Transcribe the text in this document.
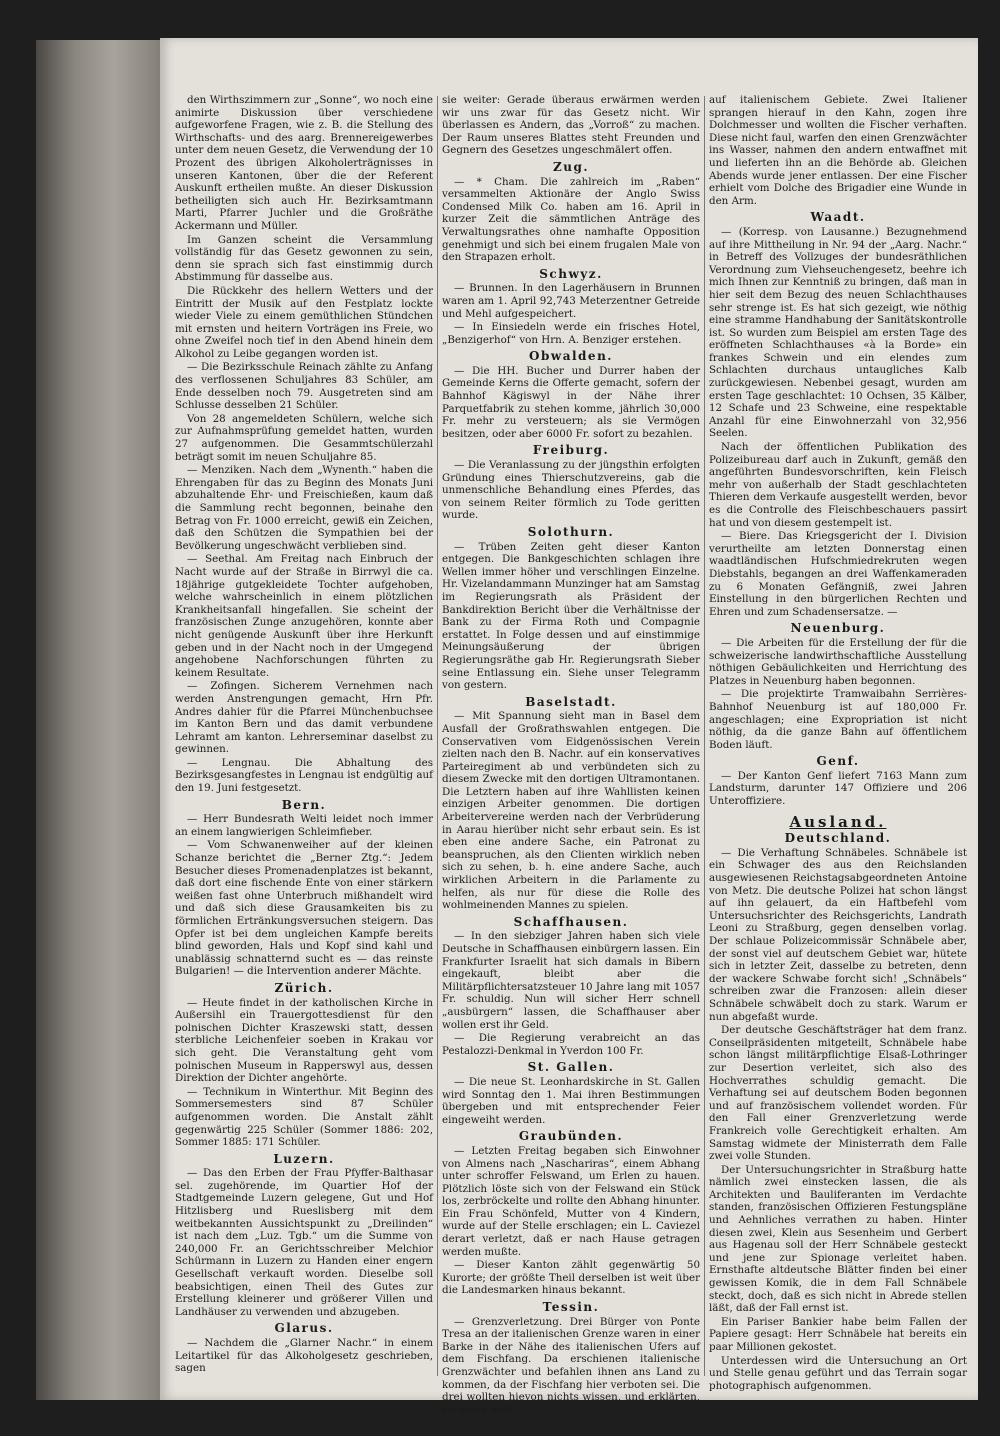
den Wirthszimmern zur „Sonne“, wo noch eine animirte Diskussion über verschiedene aufgeworfene Fragen, wie z. B. die Stellung des Wirthschafts- und des aarg. Brennereigewerbes unter dem neuen Gesetz, die Verwendung der 10 Prozent des übrigen Alkoholerträgnisses in unseren Kantonen, über die der Referent Auskunft ertheilen mußte. An dieser Diskussion betheiligten sich auch Hr. Bezirksamtmann Marti, Pfarrer Juchler und die Großräthe Ackermann und Müller.

Im Ganzen scheint die Versammlung vollständig für das Gesetz gewonnen zu sein, denn sie sprach sich fast einstimmig durch Abstimmung für dasselbe aus.

Die Rückkehr des hellern Wetters und der Eintritt der Musik auf den Festplatz lockte wieder Viele zu einem gemüthlichen Stündchen mit ernsten und heitern Vorträgen ins Freie, wo ohne Zweifel noch tief in den Abend hinein dem Alkohol zu Leibe gegangen worden ist.

— Die Bezirksschule Reinach zählte zu Anfang des verflossenen Schuljahres 83 Schüler, am Ende desselben noch 79. Ausgetreten sind am Schlusse desselben 21 Schüler.

Von 28 angemeldeten Schülern, welche sich zur Aufnahmsprüfung gemeldet hatten, wurden 27 aufgenommen. Die Gesammtschülerzahl beträgt somit im neuen Schuljahre 85.

— Menziken. Nach dem „Wynenth.“ haben die Ehrengaben für das zu Beginn des Monats Juni abzuhaltende Ehr- und Freischießen, kaum daß die Sammlung recht begonnen, beinahe den Betrag von Fr. 1000 erreicht, gewiß ein Zeichen, daß den Schützen die Sympathien bei der Bevölkerung ungeschwächt verblieben sind.

— Seethal. Am Freitag nach Einbruch der Nacht wurde auf der Straße in Birrwyl die ca. 18jährige gutgekleidete Tochter aufgehoben, welche wahrscheinlich in einem plötzlichen Krankheitsanfall hingefallen. Sie scheint der französischen Zunge anzugehören, konnte aber nicht genügende Auskunft über ihre Herkunft geben und in der Nacht noch in der Umgegend angehobene Nachforschungen führten zu keinem Resultate.

— Zofingen. Sicherem Vernehmen nach werden Anstrengungen gemacht, Hrn Pfr. Andres dahier für die Pfarrei Münchenbuchsee im Kanton Bern und das damit verbundene Lehramt am kanton. Lehrerseminar daselbst zu gewinnen.

— Lengnau. Die Abhaltung des Bezirksgesangfestes in Lengnau ist endgültig auf den 19. Juni festgesetzt.

Bern.

— Herr Bundesrath Welti leidet noch immer an einem langwierigen Schleimfieber.

— Vom Schwanenweiher auf der kleinen Schanze berichtet die „Berner Ztg.“: Jedem Besucher dieses Promenadenplatzes ist bekannt, daß dort eine fischende Ente von einer stärkern weißen fast ohne Unterbruch mißhandelt wird und daß sich diese Grausamkeiten bis zu förmlichen Ertränkungsversuchen steigern. Das Opfer ist bei dem ungleichen Kampfe bereits blind geworden, Hals und Kopf sind kahl und unablässig schnatternd sucht es — das reinste Bulgarien! — die Intervention anderer Mächte.

Zürich.

— Heute findet in der katholischen Kirche in Außersihl ein Trauergottesdienst für den polnischen Dichter Kraszewski statt, dessen sterbliche Leichenfeier soeben in Krakau vor sich geht. Die Veranstaltung geht vom polnischen Museum in Rapperswyl aus, dessen Direktion der Dichter angehörte.

— Technikum in Winterthur. Mit Beginn des Sommersemesters sind 87 Schüler aufgenommen worden. Die Anstalt zählt gegenwärtig 225 Schüler (Sommer 1886: 202, Sommer 1885: 171 Schüler.

Luzern.

— Das den Erben der Frau Pfyffer-Balthasar sel. zugehörende, im Quartier Hof der Stadtgemeinde Luzern gelegene, Gut und Hof Hitzlisberg und Rueslisberg mit dem weitbekannten Aussichtspunkt zu „Dreilinden“ ist nach dem „Luz. Tgb.“ um die Summe von 240,000 Fr. an Gerichtsschreiber Melchior Schürmann in Luzern zu Handen einer engern Gesellschaft verkauft worden. Dieselbe soll beabsichtigen, einen Theil des Gutes zur Erstellung kleinerer und größerer Villen und Landhäuser zu verwenden und abzugeben.

Glarus.

— Nachdem die „Glarner Nachr.“ in einem Leitartikel für das Alkoholgesetz geschrieben, sagen

sie weiter: Gerade überaus erwärmen werden wir uns zwar für das Gesetz nicht. Wir überlassen es Andern, das „Vorroß“ zu machen. Der Raum unseres Blattes steht Freunden und Gegnern des Gesetzes ungeschmälert offen.

Zug.

— * Cham. Die zahlreich im „Raben“ versammelten Aktionäre der Anglo Swiss Condensed Milk Co. haben am 16. April in kurzer Zeit die sämmtlichen Anträge des Verwaltungsrathes ohne namhafte Opposition genehmigt und sich bei einem frugalen Male von den Strapazen erholt.

Schwyz.

— Brunnen. In den Lagerhäusern in Brunnen waren am 1. April 92,743 Meterzentner Getreide und Mehl aufgespeichert.

— In Einsiedeln werde ein frisches Hotel, „Benzigerhof“ von Hrn. A. Benziger erstehen.

Obwalden.

— Die HH. Bucher und Durrer haben der Gemeinde Kerns die Offerte gemacht, sofern der Bahnhof Kägiswyl in der Nähe ihrer Parquetfabrik zu stehen komme, jährlich 30,000 Fr. mehr zu versteuern; als sie Vermögen besitzen, oder aber 6000 Fr. sofort zu bezahlen.

Freiburg.

— Die Veranlassung zu der jüngsthin erfolgten Gründung eines Thierschutzvereins, gab die unmenschliche Behandlung eines Pferdes, das von seinem Reiter förmlich zu Tode geritten wurde.

Solothurn.

— Trüben Zeiten geht dieser Kanton entgegen. Die Bankgeschichten schlagen ihre Wellen immer höher und verschlingen Einzelne. Hr. Vizelandammann Munzinger hat am Samstag im Regierungsrath als Präsident der Bankdirektion Bericht über die Verhältnisse der Bank zu der Firma Roth und Compagnie erstattet. In Folge dessen und auf einstimmige Meinungsäußerung der übrigen Regierungsräthe gab Hr. Regierungsrath Sieber seine Entlassung ein. Siehe unser Telegramm von gestern.

Baselstadt.

— Mit Spannung sieht man in Basel dem Ausfall der Großrathswahlen entgegen. Die Conservativen vom Eidgenössischen Verein zielten nach den B. Nachr. auf ein konservatives Parteiregiment ab und verbündeten sich zu diesem Zwecke mit den dortigen Ultramontanen. Die Letztern haben auf ihre Wahllisten keinen einzigen Arbeiter genommen. Die dortigen Arbeitervereine werden nach der Verbrüderung in Aarau hierüber nicht sehr erbaut sein. Es ist eben eine andere Sache, ein Patronat zu beanspruchen, als den Clienten wirklich neben sich zu sehen, b. h. eine andere Sache, auch wirklichen Arbeitern in die Parlamente zu helfen, als nur für diese die Rolle des wohlmeinenden Mannes zu spielen.

Schaffhausen.

— In den siebziger Jahren haben sich viele Deutsche in Schaffhausen einbürgern lassen. Ein Frankfurter Israelit hat sich damals in Bibern eingekauft, bleibt aber die Militärpflichtersatzsteuer 10 Jahre lang mit 1057 Fr. schuldig. Nun will sicher Herr schnell „ausbürgern“ lassen, die Schaffhauser aber wollen erst ihr Geld.

— Die Regierung verabreicht an das Pestalozzi-Denkmal in Yverdon 100 Fr.

St. Gallen.

— Die neue St. Leonhardskirche in St. Gallen wird Sonntag den 1. Mai ihren Bestimmungen übergeben und mit entsprechender Feier eingeweiht werden.

Graubünden.

— Letzten Freitag begaben sich Einwohner von Almens nach „Naschariras“, einem Abhang unter schroffer Felswand, um Erlen zu hauen. Plötzlich löste sich von der Felswand ein Stück los, zerbröckelte und rollte den Abhang hinunter. Ein Frau Schönfeld, Mutter von 4 Kindern, wurde auf der Stelle erschlagen; ein L. Caviezel derart verletzt, daß er nach Hause getragen werden mußte.

— Dieser Kanton zählt gegenwärtig 50 Kurorte; der größte Theil derselben ist weit über die Landesmarken hinaus bekannt.

Tessin.

— Grenzverletzung. Drei Bürger von Ponte Tresa an der italienischen Grenze waren in einer Barke in der Nähe des italienischen Ufers auf dem Fischfang. Da erschienen italienische Grenzwächter und befahlen ihnen ans Land zu kommen, da der Fischfang hier verboten sei. Die drei wollten hievon nichts wissen, und erklärten, sie seien nicht

auf italienischem Gebiete. Zwei Italiener sprangen hierauf in den Kahn, zogen ihre Dolchmesser und wollten die Fischer verhaften. Diese nicht faul, warfen den einen Grenzwächter ins Wasser, nahmen den andern entwaffnet mit und lieferten ihn an die Behörde ab. Gleichen Abends wurde jener entlassen. Der eine Fischer erhielt vom Dolche des Brigadier eine Wunde in den Arm.

Waadt.

— (Korresp. von Lausanne.) Bezugnehmend auf ihre Mittheilung in Nr. 94 der „Aarg. Nachr.“ in Betreff des Vollzuges der bundesräthlichen Verordnung zum Viehseuchengesetz, beehre ich mich Ihnen zur Kenntniß zu bringen, daß man in hier seit dem Bezug des neuen Schlachthauses sehr strenge ist. Es hat sich gezeigt, wie nöthig eine stramme Handhabung der Sanitätskontrolle ist. So wurden zum Beispiel am ersten Tage des eröffneten Schlachthauses «à la Borde» ein frankes Schwein und ein elendes zum Schlachten durchaus untaugliches Kalb zurückgewiesen. Nebenbei gesagt, wurden am ersten Tage geschlachtet: 10 Ochsen, 35 Kälber, 12 Schafe und 23 Schweine, eine respektable Anzahl für eine Einwohnerzahl von 32,956 Seelen.

Nach der öffentlichen Publikation des Polizeibureau darf auch in Zukunft, gemäß den angeführten Bundesvorschriften, kein Fleisch mehr von außerhalb der Stadt geschlachteten Thieren dem Verkaufe ausgestellt werden, bevor es die Controlle des Fleischbeschauers passirt hat und von diesem gestempelt ist.

— Biere. Das Kriegsgericht der I. Division verurtheilte am letzten Donnerstag einen waadtländischen Hufschmiedrekruten wegen Diebstahls, begangen an drei Waffenkameraden zu 6 Monaten Gefängniß, zwei Jahren Einstellung in den bürgerlichen Rechten und Ehren und zum Schadensersatze. —

Neuenburg.

— Die Arbeiten für die Erstellung der für die schweizerische landwirthschaftliche Ausstellung nöthigen Gebäulichkeiten und Herrichtung des Platzes in Neuenburg haben begonnen.

— Die projektirte Tramwaibahn Serrières-Bahnhof Neuenburg ist auf 180,000 Fr. angeschlagen; eine Expropriation ist nicht nöthig, da die ganze Bahn auf öffentlichem Boden läuft.

Genf.

— Der Kanton Genf liefert 7163 Mann zum Landsturm, darunter 147 Offiziere und 206 Unteroffiziere.

Ausland.
Deutschland.

— Die Verhaftung Schnäbeles. Schnäbele ist ein Schwager des aus den Reichslanden ausgewiesenen Reichstagsabgeordneten Antoine von Metz. Die deutsche Polizei hat schon längst auf ihn gelauert, da ein Haftbefehl vom Untersuchsrichter des Reichsgerichts, Landrath Leoni zu Straßburg, gegen denselben vorlag. Der schlaue Polizeicommissär Schnäbele aber, der sonst viel auf deutschem Gebiet war, hütete sich in letzter Zeit, dasselbe zu betreten, denn der wackere Schwabe forcht sich! „Schnäbels“ schreiben zwar die Franzosen: allein dieser Schnäbele schwäbelt doch zu stark. Warum er nun abgefaßt wurde.

Der deutsche Geschäftsträger hat dem franz. Conseilpräsidenten mitgeteilt, Schnäbele habe schon längst militärpflichtige Elsaß-Lothringer zur Desertion verleitet, sich also des Hochverrathes schuldig gemacht. Die Verhaftung sei auf deutschem Boden begonnen und auf französischem vollendet worden. Für den Fall einer Grenzverletzung werde Frankreich volle Gerechtigkeit erhalten. Am Samstag widmete der Ministerrath dem Falle zwei volle Stunden.

Der Untersuchungsrichter in Straßburg hatte nämlich zwei einstecken lassen, die als Architekten und Bauliferanten im Verdachte standen, französischen Offizieren Festungspläne und Aehnliches verrathen zu haben. Hinter diesen zwei, Klein aus Sesenheim und Gerbert aus Hagenau soll der Herr Schnäbele gesteckt und jene zur Spionage verleitet haben. Ernsthafte altdeutsche Blätter finden bei einer gewissen Komik, die in dem Fall Schnäbele steckt, doch, daß es sich nicht in Abrede stellen läßt, daß der Fall ernst ist.

Ein Pariser Bankier habe beim Fallen der Papiere gesagt: Herr Schnäbele hat bereits ein paar Millionen gekostet.

Unterdessen wird die Untersuchung an Ort und Stelle genau geführt und das Terrain sogar photographisch aufgenommen.
